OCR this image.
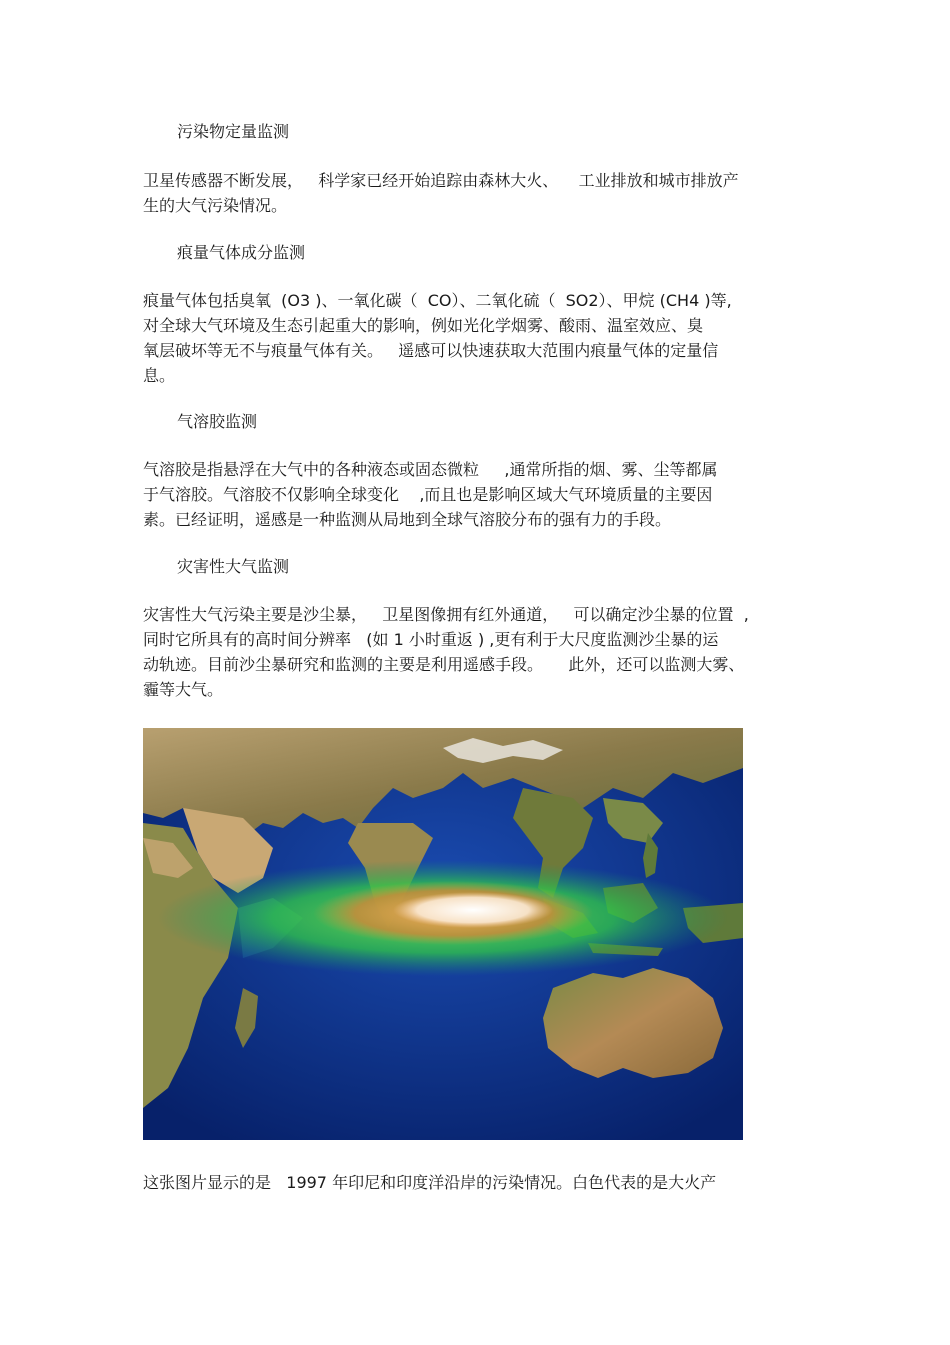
污染物定量监测
卫星传感器不断发展，   科学家已经开始追踪由森林大火、    工业排放和城市排放产
生的大气污染情况。
痕量气体成分监测
痕量气体包括臭氧  (O3 )、一氧化碳（  CO）、二氧化硫（  SO2）、甲烷 (CH4 )等,
对全球大气环境及生态引起重大的影响，例如光化学烟雾、酸雨、温室效应、臭
氧层破坏等无不与痕量气体有关。   遥感可以快速获取大范围内痕量气体的定量信
息。
气溶胶监测
气溶胶是指悬浮在大气中的各种液态或固态微粒     ,通常所指的烟、雾、尘等都属
于气溶胶。气溶胶不仅影响全球变化    ,而且也是影响区域大气环境质量的主要因
素。已经证明，遥感是一种监测从局地到全球气溶胶分布的强有力的手段。
灾害性大气监测
灾害性大气污染主要是沙尘暴，   卫星图像拥有红外通道，   可以确定沙尘暴的位置  ,
同时它所具有的高时间分辨率   (如 1 小时重返 ) ,更有利于大尺度监测沙尘暴的运
动轨迹。目前沙尘暴研究和监测的主要是利用遥感手段。     此外，还可以监测大雾、
霾等大气。
这张图片显示的是   1997 年印尼和印度洋沿岸的污染情况。白色代表的是大火产
